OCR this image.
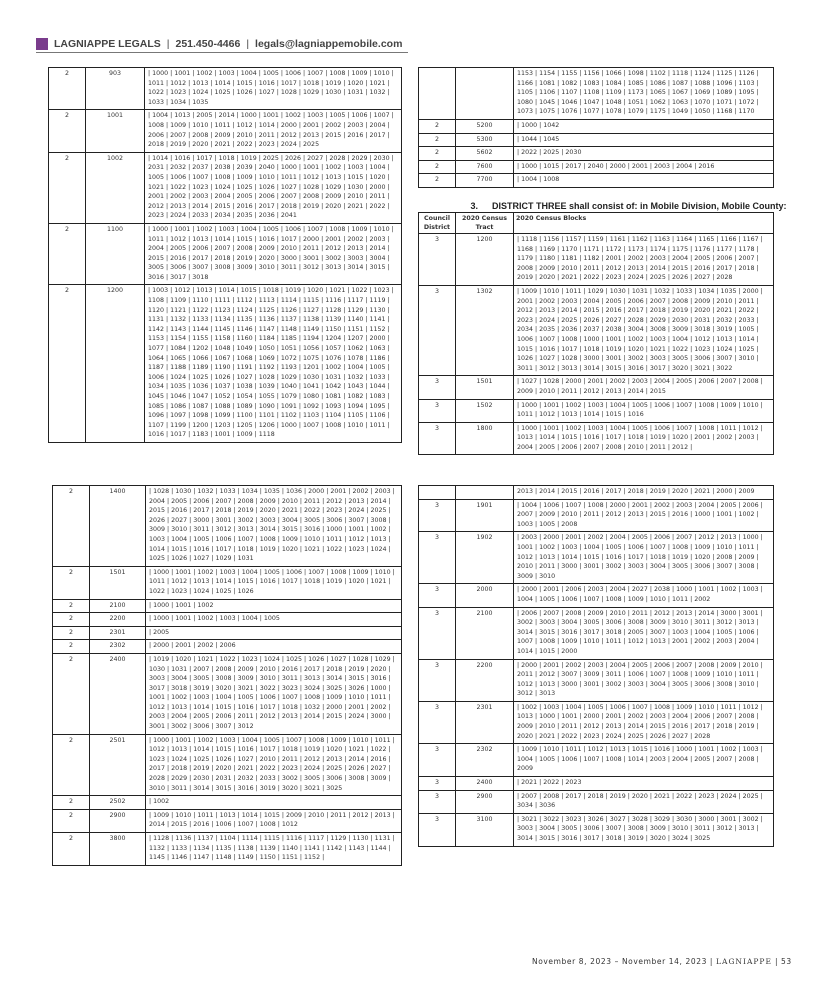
LAGNIAPPE LEGALS | 251.450-4466 | legals@lagniappemobile.com
2	903	| 1000 | 1001 | 1002 | 1003 | 1004 | 1005 | 1006 | 1007 | 1008 | 1009 | 1010 | 1011 | 1012 | 1013 | 1014 | 1015 | 1016 | 1017 | 1018 | 1019 | 1020 | 1021 | 1022 | 1023 | 1024 | 1025 | 1026 | 1027 | 1028 | 1029 | 1030 | 1031 | 1032 | 1033 | 1034 | 1035
2	1001	| 1004 | 1013 | 2005 | 2014 | 1000 | 1001 | 1002 | 1003 | 1005 | 1006 | 1007 | 1008 | 1009 | 1010 | 1011 | 1012 | 1014 | 2000 | 2001 | 2002 | 2003 | 2004 | 2006 | 2007 | 2008 | 2009 | 2010 | 2011 | 2012 | 2013 | 2015 | 2016 | 2017 | 2018 | 2019 | 2020 | 2021 | 2022 | 2023 | 2024 | 2025
2	1002	| 1014 | 1016 | 1017 | 1018 | 1019 | 2025 | 2026 | 2027 | 2028 | 2029 | 2030 | 2031 | 2032 | 2037 | 2038 | 2039 | 2040 | 1000 | 1001 | 1002 | 1003 | 1004 | 1005 | 1006 | 1007 | 1008 | 1009 | 1010 | 1011 | 1012 | 1013 | 1015 | 1020 | 1021 | 1022 | 1023 | 1024 | 1025 | 1026 | 1027 | 1028 | 1029 | 1030 | 2000 | 2001 | 2002 | 2003 | 2004 | 2005 | 2006 | 2007 | 2008 | 2009 | 2010 | 2011 | 2012 | 2013 | 2014 | 2015 | 2016 | 2017 | 2018 | 2019 | 2020 | 2021 | 2022 | 2023 | 2024 | 2033 | 2034 | 2035 | 2036 | 2041
2	1100	| 1000 | 1001 | 1002 | 1003 | 1004 | 1005 | 1006 | 1007 | 1008 | 1009 | 1010 | 1011 | 1012 | 1013 | 1014 | 1015 | 1016 | 1017 | 2000 | 2001 | 2002 | 2003 | 2004 | 2005 | 2006 | 2007 | 2008 | 2009 | 2010 | 2011 | 2012 | 2013 | 2014 | 2015 | 2016 | 2017 | 2018 | 2019 | 2020 | 3000 | 3001 | 3002 | 3003 | 3004 | 3005 | 3006 | 3007 | 3008 | 3009 | 3010 | 3011 | 3012 | 3013 | 3014 | 3015 | 3016 | 3017 | 3018
2	1200	| 1003 | 1012 | 1013 | 1014 | 1015 | 1018 | 1019 | 1020 | 1021 | 1022 | 1023 | 1108 | 1109 | 1110 | 1111 | 1112 | 1113 | 1114 | 1115 | 1116 | 1117 | 1119 | 1120 | 1121 | 1122 | 1123 | 1124 | 1125 | 1126 | 1127 | 1128 | 1129 | 1130 | 1131 | 1132 | 1133 | 1134 | 1135 | 1136 | 1137 | 1138 | 1139 | 1140 | 1141 | 1142 | 1143 | 1144 | 1145 | 1146 | 1147 | 1148 | 1149 | 1150 | 1151 | 1152 | 1153 | 1154 | 1155 | 1158 | 1160 | 1184 | 1185 | 1194 | 1204 | 1207 | 2000 | 1077 | 1084 | 1202 | 1048 | 1049 | 1050 | 1051 | 1056 | 1057 | 1062 | 1063 | 1064 | 1065 | 1066 | 1067 | 1068 | 1069 | 1072 | 1075 | 1076 | 1078 | 1186 | 1187 | 1188 | 1189 | 1190 | 1191 | 1192 | 1193 | 1201 | 1002 | 1004 | 1005 | 1006 | 1024 | 1025 | 1026 | 1027 | 1028 | 1029 | 1030 | 1031 | 1032 | 1033 | 1034 | 1035 | 1036 | 1037 | 1038 | 1039 | 1040 | 1041 | 1042 | 1043 | 1044 | 1045 | 1046 | 1047 | 1052 | 1054 | 1055 | 1079 | 1080 | 1081 | 1082 | 1083 | 1085 | 1086 | 1087 | 1088 | 1089 | 1090 | 1091 | 1092 | 1093 | 1094 | 1095 | 1096 | 1097 | 1098 | 1099 | 1100 | 1101 | 1102 | 1103 | 1104 | 1105 | 1106 | 1107 | 1199 | 1200 | 1203 | 1205 | 1206 | 1000 | 1007 | 1008 | 1010 | 1011 | 1016 | 1017 | 1183 | 1001 | 1009 | 1118
		1153 | 1154 | 1155 | 1156 | 1066 | 1098 | 1102 | 1118 | 1124 | 1125 | 1126 | 1166 | 1081 | 1082 | 1083 | 1084 | 1085 | 1086 | 1087 | 1088 | 1096 | 1103 | 1105 | 1106 | 1107 | 1108 | 1109 | 1173 | 1065 | 1067 | 1069 | 1089 | 1095 | 1080 | 1045 | 1046 | 1047 | 1048 | 1051 | 1062 | 1063 | 1070 | 1071 | 1072 | 1073 | 1075 | 1076 | 1077 | 1078 | 1079 | 1175 | 1049 | 1050 | 1168 | 1170
2	5200	| 1000 | 1042
2	5300	| 1044 | 1045
2	5602	| 2022 | 2025 | 2030
2	7600	| 1000 | 1015 | 2017 | 2040 | 2000 | 2001 | 2003 | 2004 | 2016
2	7700	| 1004 | 1008
3. DISTRICT THREE shall consist of: in Mobile Division, Mobile County:
Council District	2020 Census Tract	2020 Census Blocks
3	1200	| 1118 | 1156 | 1157 | 1159 | 1161 | 1162 | 1163 | 1164 | 1165 | 1166 | 1167 | 1168 | 1169 | 1170 | 1171 | 1172 | 1173 | 1174 | 1175 | 1176 | 1177 | 1178 | 1179 | 1180 | 1181 | 1182 | 2001 | 2002 | 2003 | 2004 | 2005 | 2006 | 2007 | 2008 | 2009 | 2010 | 2011 | 2012 | 2013 | 2014 | 2015 | 2016 | 2017 | 2018 | 2019 | 2020 | 2021 | 2022 | 2023 | 2024 | 2025 | 2026 | 2027 | 2028
3	1302	| 1009 | 1010 | 1011 | 1029 | 1030 | 1031 | 1032 | 1033 | 1034 | 1035 | 2000 | 2001 | 2002 | 2003 | 2004 | 2005 | 2006 | 2007 | 2008 | 2009 | 2010 | 2011 | 2012 | 2013 | 2014 | 2015 | 2016 | 2017 | 2018 | 2019 | 2020 | 2021 | 2022 | 2023 | 2024 | 2025 | 2026 | 2027 | 2028 | 2029 | 2030 | 2031 | 2032 | 2033 | 2034 | 2035 | 2036 | 2037 | 2038 | 3004 | 3008 | 3009 | 3018 | 3019 | 1005 | 1006 | 1007 | 1008 | 1000 | 1001 | 1002 | 1003 | 1004 | 1012 | 1013 | 1014 | 1015 | 1016 | 1017 | 1018 | 1019 | 1020 | 1021 | 1022 | 1023 | 1024 | 1025 | 1026 | 1027 | 1028 | 3000 | 3001 | 3002 | 3003 | 3005 | 3006 | 3007 | 3010 | 3011 | 3012 | 3013 | 3014 | 3015 | 3016 | 3017 | 3020 | 3021 | 3022
3	1501	| 1027 | 1028 | 2000 | 2001 | 2002 | 2003 | 2004 | 2005 | 2006 | 2007 | 2008 | 2009 | 2010 | 2011 | 2012 | 2013 | 2014 | 2015
3	1502	| 1000 | 1001 | 1002 | 1003 | 1004 | 1005 | 1006 | 1007 | 1008 | 1009 | 1010 | 1011 | 1012 | 1013 | 1014 | 1015 | 1016
3	1800	| 1000 | 1001 | 1002 | 1003 | 1004 | 1005 | 1006 | 1007 | 1008 | 1011 | 1012 | 1013 | 1014 | 1015 | 1016 | 1017 | 1018 | 1019 | 1020 | 2001 | 2002 | 2003 | 2004 | 2005 | 2006 | 2007 | 2008 | 2010 | 2011 | 2012 |
2	1400	| 1028 | 1030 | 1032 | 1033 | 1034 | 1035 | 1036 | 2000 | 2001 | 2002 | 2003 | 2004 | 2005 | 2006 | 2007 | 2008 | 2009 | 2010 | 2011 | 2012 | 2013 | 2014 | 2015 | 2016 | 2017 | 2018 | 2019 | 2020 | 2021 | 2022 | 2023 | 2024 | 2025 | 2026 | 2027 | 3000 | 3001 | 3002 | 3003 | 3004 | 3005 | 3006 | 3007 | 3008 | 3009 | 3010 | 3011 | 3012 | 3013 | 3014 | 3015 | 3016 | 1000 | 1001 | 1002 | 1003 | 1004 | 1005 | 1006 | 1007 | 1008 | 1009 | 1010 | 1011 | 1012 | 1013 | 1014 | 1015 | 1016 | 1017 | 1018 | 1019 | 1020 | 1021 | 1022 | 1023 | 1024 | 1025 | 1026 | 1027 | 1029 | 1031
2	1501	| 1000 | 1001 | 1002 | 1003 | 1004 | 1005 | 1006 | 1007 | 1008 | 1009 | 1010 | 1011 | 1012 | 1013 | 1014 | 1015 | 1016 | 1017 | 1018 | 1019 | 1020 | 1021 | 1022 | 1023 | 1024 | 1025 | 1026
2	2100	| 1000 | 1001 | 1002
2	2200	| 1000 | 1001 | 1002 | 1003 | 1004 | 1005
2	2301	| 2005
2	2302	| 2000 | 2001 | 2002 | 2006
2	2400	| 1019 | 1020 | 1021 | 1022 | 1023 | 1024 | 1025 | 1026 | 1027 | 1028 | 1029 | 1030 | 1031 | 2007 | 2008 | 2009 | 2010 | 2016 | 2017 | 2018 | 2019 | 2020 | 3003 | 3004 | 3005 | 3008 | 3009 | 3010 | 3011 | 3013 | 3014 | 3015 | 3016 | 3017 | 3018 | 3019 | 3020 | 3021 | 3022 | 3023 | 3024 | 3025 | 3026 | 1000 | 1001 | 1002 | 1003 | 1004 | 1005 | 1006 | 1007 | 1008 | 1009 | 1010 | 1011 | 1012 | 1013 | 1014 | 1015 | 1016 | 1017 | 1018 | 1032 | 2000 | 2001 | 2002 | 2003 | 2004 | 2005 | 2006 | 2011 | 2012 | 2013 | 2014 | 2015 | 2024 | 3000 | 3001 | 3002 | 3006 | 3007 | 3012
2	2501	| 1000 | 1001 | 1002 | 1003 | 1004 | 1005 | 1007 | 1008 | 1009 | 1010 | 1011 | 1012 | 1013 | 1014 | 1015 | 1016 | 1017 | 1018 | 1019 | 1020 | 1021 | 1022 | 1023 | 1024 | 1025 | 1026 | 1027 | 2010 | 2011 | 2012 | 2013 | 2014 | 2016 | 2017 | 2018 | 2019 | 2020 | 2021 | 2022 | 2023 | 2024 | 2025 | 2026 | 2027 | 2028 | 2029 | 2030 | 2031 | 2032 | 2033 | 3002 | 3005 | 3006 | 3008 | 3009 | 3010 | 3011 | 3014 | 3015 | 3016 | 3019 | 3020 | 3021 | 3025
2	2502	| 1002
2	2900	| 1009 | 1010 | 1011 | 1013 | 1014 | 1015 | 2009 | 2010 | 2011 | 2012 | 2013 | 2014 | 2015 | 2016 | 1006 | 1007 | 1008 | 1012
2	3800	| 1128 | 1136 | 1137 | 1104 | 1114 | 1115 | 1116 | 1117 | 1129 | 1130 | 1131 | 1132 | 1133 | 1134 | 1135 | 1138 | 1139 | 1140 | 1141 | 1142 | 1143 | 1144 | 1145 | 1146 | 1147 | 1148 | 1149 | 1150 | 1151 | 1152 |
		2013 | 2014 | 2015 | 2016 | 2017 | 2018 | 2019 | 2020 | 2021 | 2000 | 2009
3	1901	| 1004 | 1006 | 1007 | 1008 | 2000 | 2001 | 2002 | 2003 | 2004 | 2005 | 2006 | 2007 | 2009 | 2010 | 2011 | 2012 | 2013 | 2015 | 2016 | 1000 | 1001 | 1002 | 1003 | 1005 | 2008
3	1902	| 2003 | 2000 | 2001 | 2002 | 2004 | 2005 | 2006 | 2007 | 2012 | 2013 | 1000 | 1001 | 1002 | 1003 | 1004 | 1005 | 1006 | 1007 | 1008 | 1009 | 1010 | 1011 | 1012 | 1013 | 1014 | 1015 | 1016 | 1017 | 1018 | 1019 | 1020 | 2008 | 2009 | 2010 | 2011 | 3000 | 3001 | 3002 | 3003 | 3004 | 3005 | 3006 | 3007 | 3008 | 3009 | 3010
3	2000	| 2000 | 2001 | 2006 | 2003 | 2004 | 2027 | 2038 | 1000 | 1001 | 1002 | 1003 | 1004 | 1005 | 1006 | 1007 | 1008 | 1009 | 1010 | 1011 | 2002
3	2100	| 2006 | 2007 | 2008 | 2009 | 2010 | 2011 | 2012 | 2013 | 2014 | 3000 | 3001 | 3002 | 3003 | 3004 | 3005 | 3006 | 3008 | 3009 | 3010 | 3011 | 3012 | 3013 | 3014 | 3015 | 3016 | 3017 | 3018 | 2005 | 3007 | 1003 | 1004 | 1005 | 1006 | 1007 | 1008 | 1009 | 1010 | 1011 | 1012 | 1013 | 2001 | 2002 | 2003 | 2004 | 1014 | 1015 | 2000
3	2200	| 2000 | 2001 | 2002 | 2003 | 2004 | 2005 | 2006 | 2007 | 2008 | 2009 | 2010 | 2011 | 2012 | 3007 | 3009 | 3011 | 1006 | 1007 | 1008 | 1009 | 1010 | 1011 | 1012 | 1013 | 3000 | 3001 | 3002 | 3003 | 3004 | 3005 | 3006 | 3008 | 3010 | 3012 | 3013
3	2301	| 1002 | 1003 | 1004 | 1005 | 1006 | 1007 | 1008 | 1009 | 1010 | 1011 | 1012 | 1013 | 1000 | 1001 | 2000 | 2001 | 2002 | 2003 | 2004 | 2006 | 2007 | 2008 | 2009 | 2010 | 2011 | 2012 | 2013 | 2014 | 2015 | 2016 | 2017 | 2018 | 2019 | 2020 | 2021 | 2022 | 2023 | 2024 | 2025 | 2026 | 2027 | 2028
3	2302	| 1009 | 1010 | 1011 | 1012 | 1013 | 1015 | 1016 | 1000 | 1001 | 1002 | 1003 | 1004 | 1005 | 1006 | 1007 | 1008 | 1014 | 2003 | 2004 | 2005 | 2007 | 2008 | 2009
3	2400	| 2021 | 2022 | 2023
3	2900	| 2007 | 2008 | 2017 | 2018 | 2019 | 2020 | 2021 | 2022 | 2023 | 2024 | 2025 | 3034 | 3036
3	3100	| 3021 | 3022 | 3023 | 3026 | 3027 | 3028 | 3029 | 3030 | 3000 | 3001 | 3002 | 3003 | 3004 | 3005 | 3006 | 3007 | 3008 | 3009 | 3010 | 3011 | 3012 | 3013 | 3014 | 3015 | 3016 | 3017 | 3018 | 3019 | 3020 | 3024 | 3025
November 8, 2023 – November 14, 2023 | LAGNIAPPE | 53
